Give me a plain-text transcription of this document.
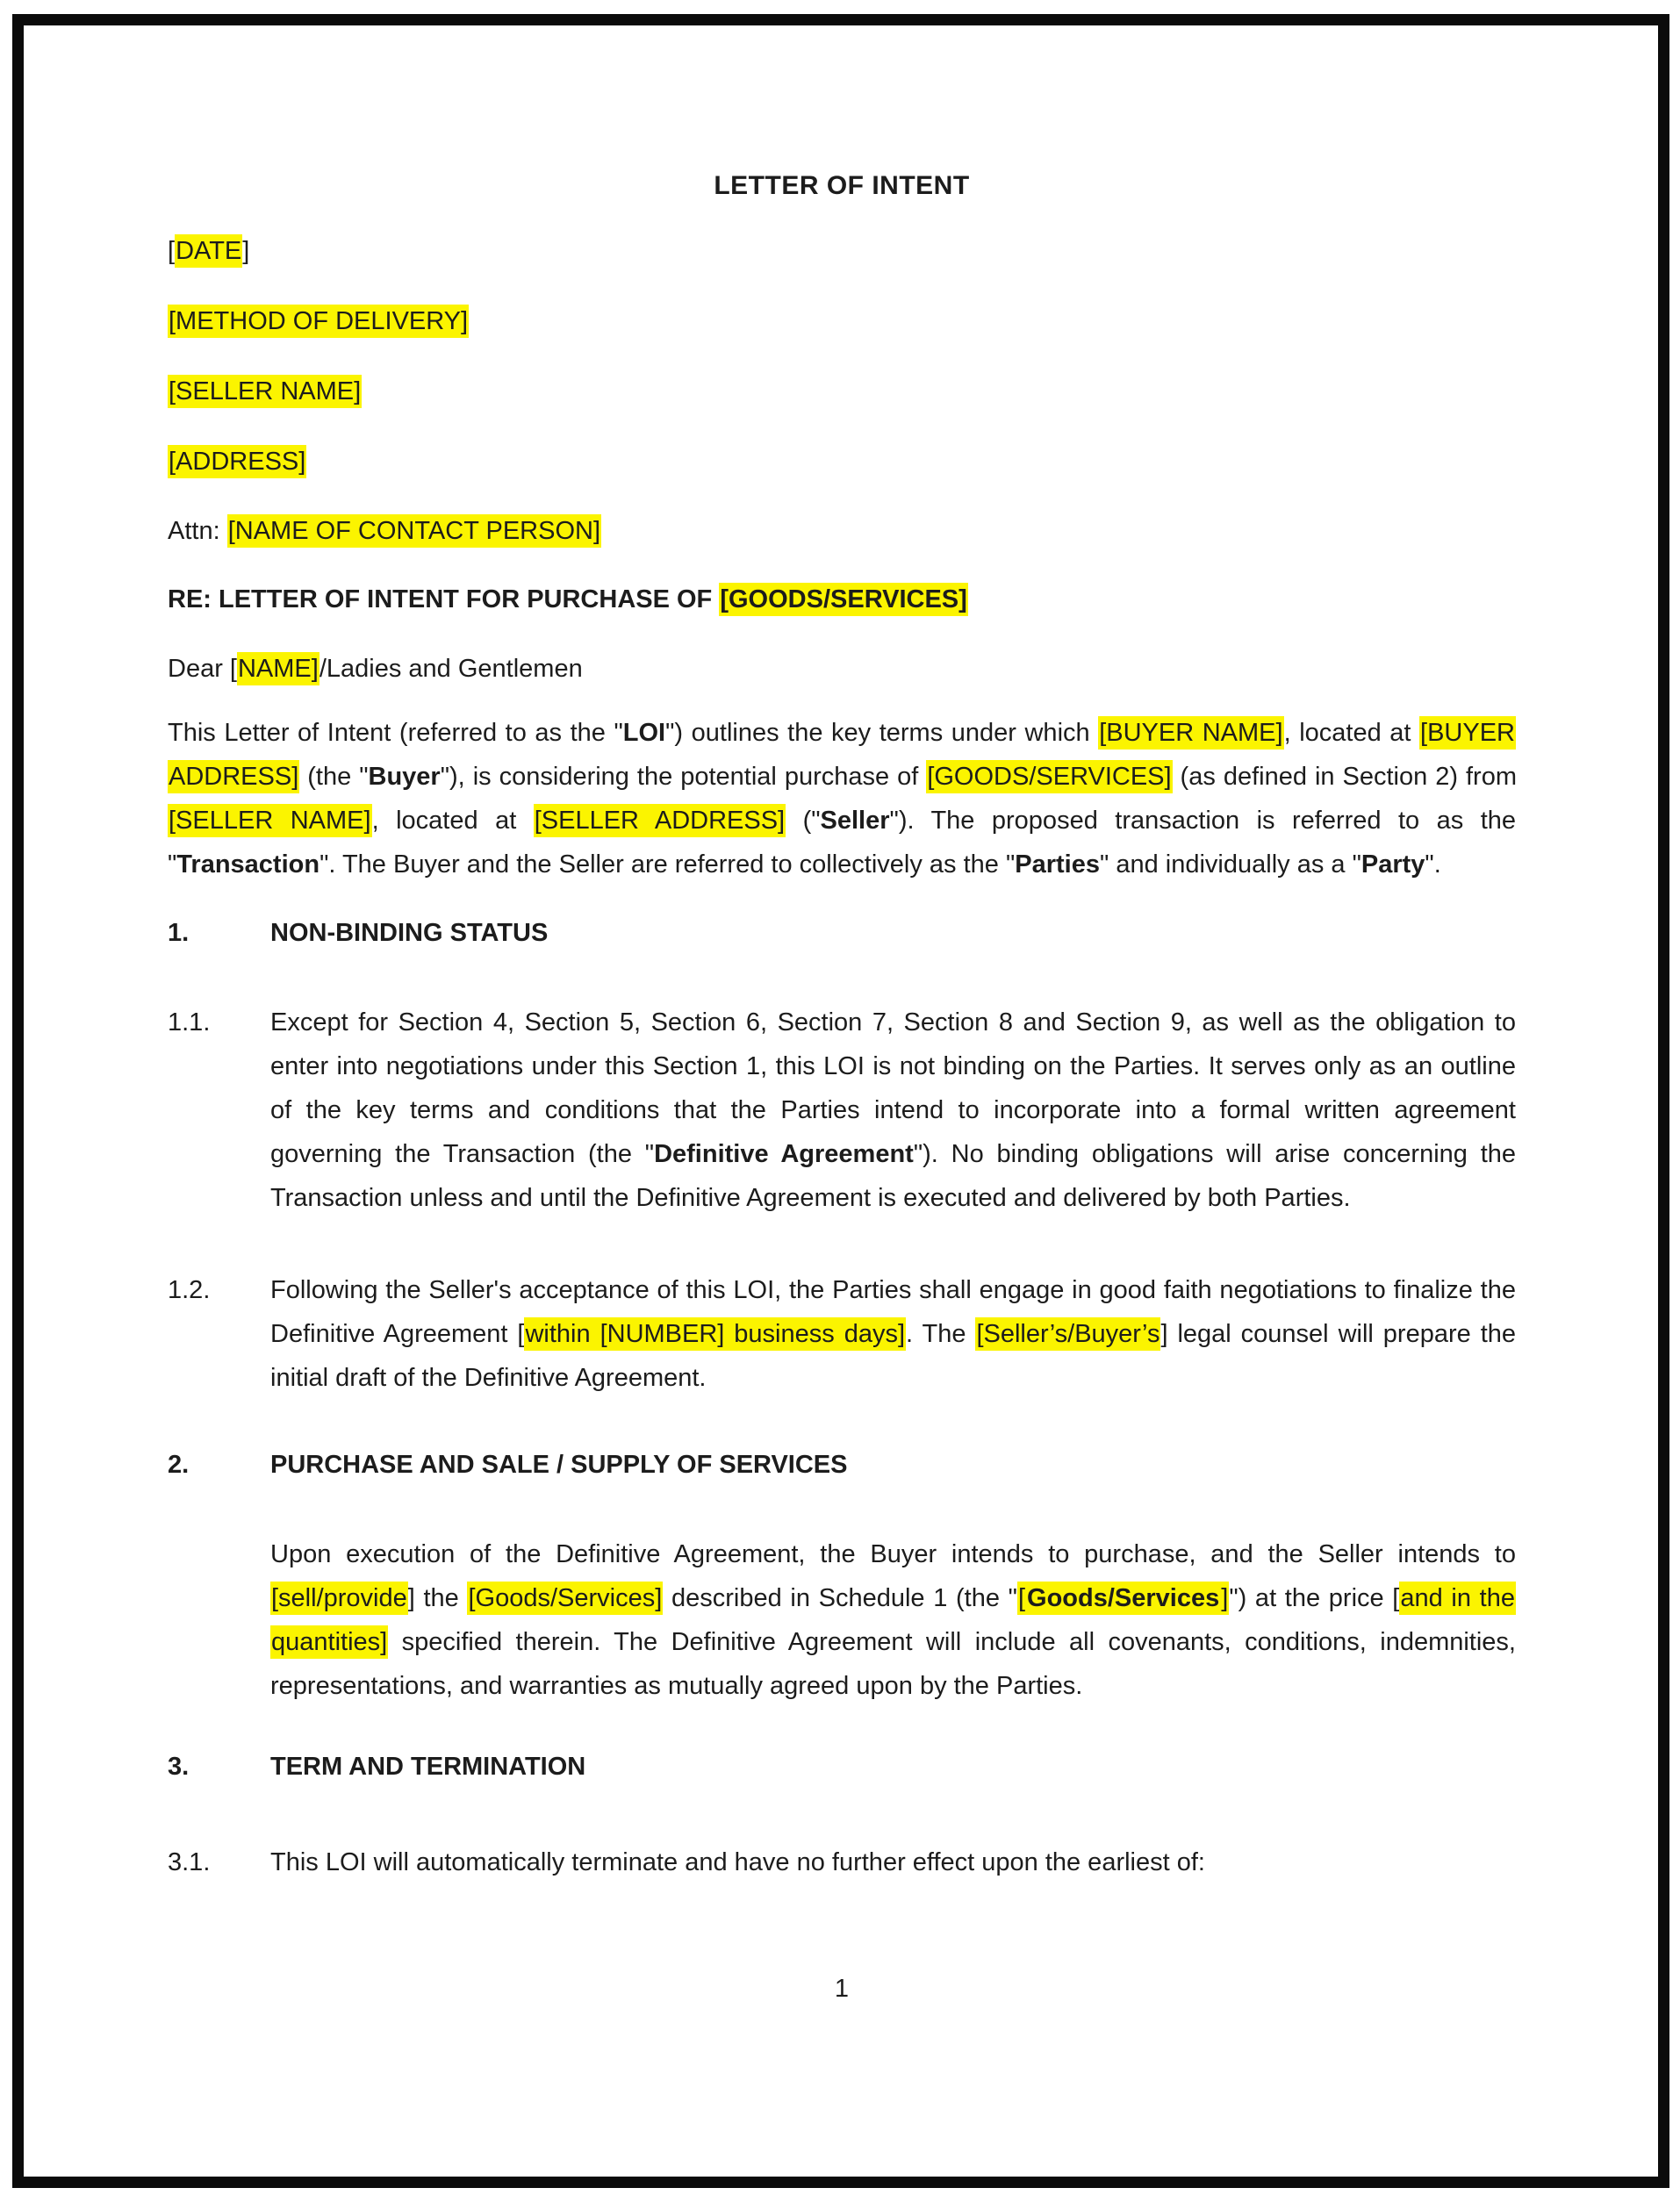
LETTER OF INTENT

[DATE]

[METHOD OF DELIVERY]

[SELLER NAME]

[ADDRESS]

Attn: [NAME OF CONTACT PERSON]

RE: LETTER OF INTENT FOR PURCHASE OF [GOODS/SERVICES]

Dear [NAME]/Ladies and Gentlemen

This Letter of Intent (referred to as the "LOI") outlines the key terms under which [BUYER NAME], located at [BUYER ADDRESS] (the "Buyer"), is considering the potential purchase of [GOODS/SERVICES] (as defined in Section 2) from [SELLER NAME], located at [SELLER ADDRESS] ("Seller"). The proposed transaction is referred to as the "Transaction". The Buyer and the Seller are referred to collectively as the "Parties" and individually as a "Party".

1.	NON-BINDING STATUS
1.1.	Except for Section 4, Section 5, Section 6, Section 7, Section 8 and Section 9, as well as the obligation to enter into negotiations under this Section 1, this LOI is not binding on the Parties. It serves only as an outline of the key terms and conditions that the Parties intend to incorporate into a formal written agreement governing the Transaction (the "Definitive Agreement"). No binding obligations will arise concerning the Transaction unless and until the Definitive Agreement is executed and delivered by both Parties.
1.2.	Following the Seller's acceptance of this LOI, the Parties shall engage in good faith negotiations to finalize the Definitive Agreement [within [NUMBER] business days]. The [Seller’s/Buyer’s] legal counsel will prepare the initial draft of the Definitive Agreement.
2.	PURCHASE AND SALE / SUPPLY OF SERVICES
Upon execution of the Definitive Agreement, the Buyer intends to purchase, and the Seller intends to [sell/provide] the [Goods/Services] described in Schedule 1 (the "[Goods/Services]") at the price [and in the quantities] specified therein. The Definitive Agreement will include all covenants, conditions, indemnities, representations, and warranties as mutually agreed upon by the Parties.
3.	TERM AND TERMINATION
3.1.	This LOI will automatically terminate and have no further effect upon the earliest of:
1
